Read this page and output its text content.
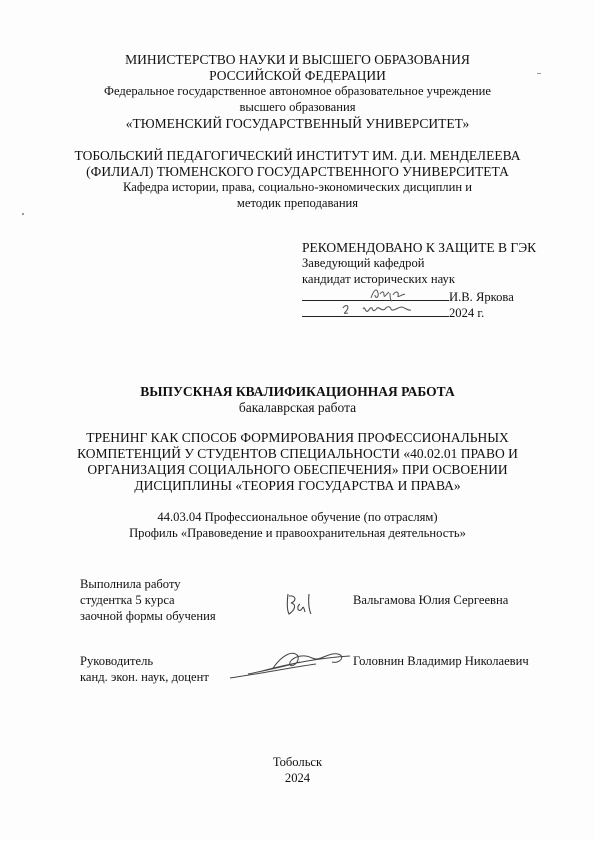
МИНИСТЕРСТВО НАУКИ И ВЫСШЕГО ОБРАЗОВАНИЯ
РОССИЙСКОЙ ФЕДЕРАЦИИ
Федеральное государственное автономное образовательное учреждение
высшего образования
«ТЮМЕНСКИЙ ГОСУДАРСТВЕННЫЙ УНИВЕРСИТЕТ»
ТОБОЛЬСКИЙ ПЕДАГОГИЧЕСКИЙ ИНСТИТУТ ИМ. Д.И. МЕНДЕЛЕЕВА
(ФИЛИАЛ) ТЮМЕНСКОГО ГОСУДАРСТВЕННОГО УНИВЕРСИТЕТА
Кафедра истории, права, социально-экономических дисциплин и
методик преподавания
РЕКОМЕНДОВАНО К ЗАЩИТЕ В ГЭК
Заведующий кафедрой
кандидат исторических наук
И.В. Яркова
2024 г.
ВЫПУСКНАЯ КВАЛИФИКАЦИОННАЯ РАБОТА
бакалаврская работа
ТРЕНИНГ КАК СПОСОБ ФОРМИРОВАНИЯ ПРОФЕССИОНАЛЬНЫХ
КОМПЕТЕНЦИЙ У СТУДЕНТОВ СПЕЦИАЛЬНОСТИ «40.02.01 ПРАВО И
ОРГАНИЗАЦИЯ СОЦИАЛЬНОГО ОБЕСПЕЧЕНИЯ» ПРИ ОСВОЕНИИ
ДИСЦИПЛИНЫ «ТЕОРИЯ ГОСУДАРСТВА И ПРАВА»
44.03.04 Профессиональное обучение (по отраслям)
Профиль «Правоведение и правоохранительная деятельность»
Выполнила работу
студентка 5 курса
заочной формы обучения
Вальгамова Юлия Сергеевна
Руководитель
канд. экон. наук, доцент
Головнин Владимир Николаевич
Тобольск
2024
